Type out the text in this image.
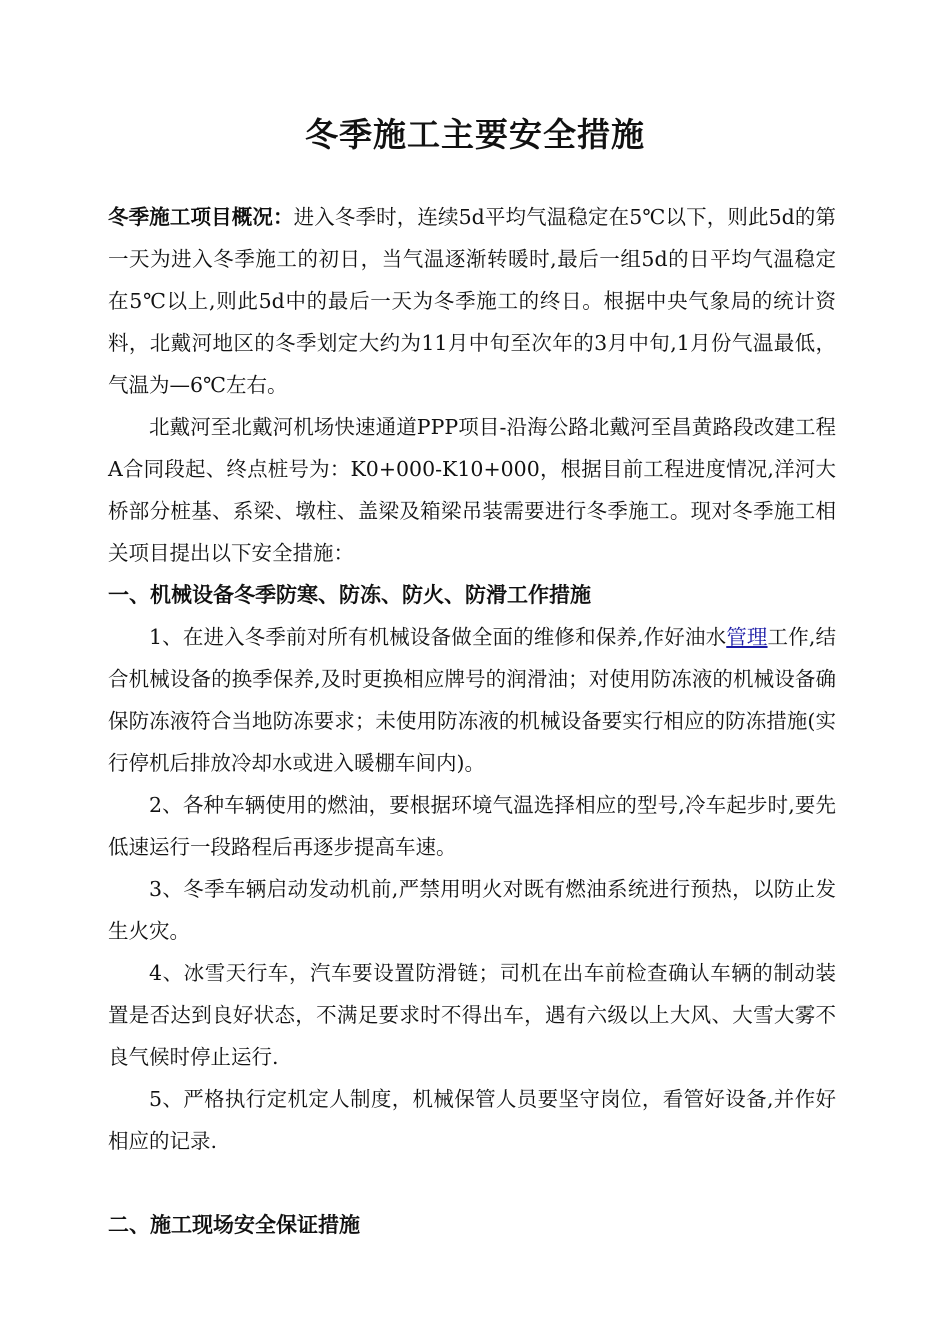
冬季施工主要安全措施

冬季施工项目概况：进入冬季时，连续5d平均气温稳定在5℃以下，则此5d的第一天为进入冬季施工的初日，当气温逐渐转暖时,最后一组5d的日平均气温稳定在5℃以上,则此5d中的最后一天为冬季施工的终日。根据中央气象局的统计资料，北戴河地区的冬季划定大约为11月中旬至次年的3月中旬,1月份气温最低，气温为—6℃左右。

北戴河至北戴河机场快速通道PPP项目-沿海公路北戴河至昌黄路段改建工程A合同段起、终点桩号为：K0+000-K10+000，根据目前工程进度情况,洋河大桥部分桩基、系梁、墩柱、盖梁及箱梁吊装需要进行冬季施工。现对冬季施工相关项目提出以下安全措施：

一、机械设备冬季防寒、防冻、防火、防滑工作措施

1、在进入冬季前对所有机械设备做全面的维修和保养,作好油水管理工作,结合机械设备的换季保养,及时更换相应牌号的润滑油；对使用防冻液的机械设备确保防冻液符合当地防冻要求；未使用防冻液的机械设备要实行相应的防冻措施(实行停机后排放冷却水或进入暖棚车间内)。

2、各种车辆使用的燃油，要根据环境气温选择相应的型号,冷车起步时,要先低速运行一段路程后再逐步提高车速。

3、冬季车辆启动发动机前,严禁用明火对既有燃油系统进行预热，以防止发生火灾。

4、冰雪天行车，汽车要设置防滑链；司机在出车前检查确认车辆的制动装置是否达到良好状态，不满足要求时不得出车，遇有六级以上大风、大雪大雾不良气候时停止运行.

5、严格执行定机定人制度，机械保管人员要坚守岗位，看管好设备,并作好相应的记录.

二、施工现场安全保证措施
